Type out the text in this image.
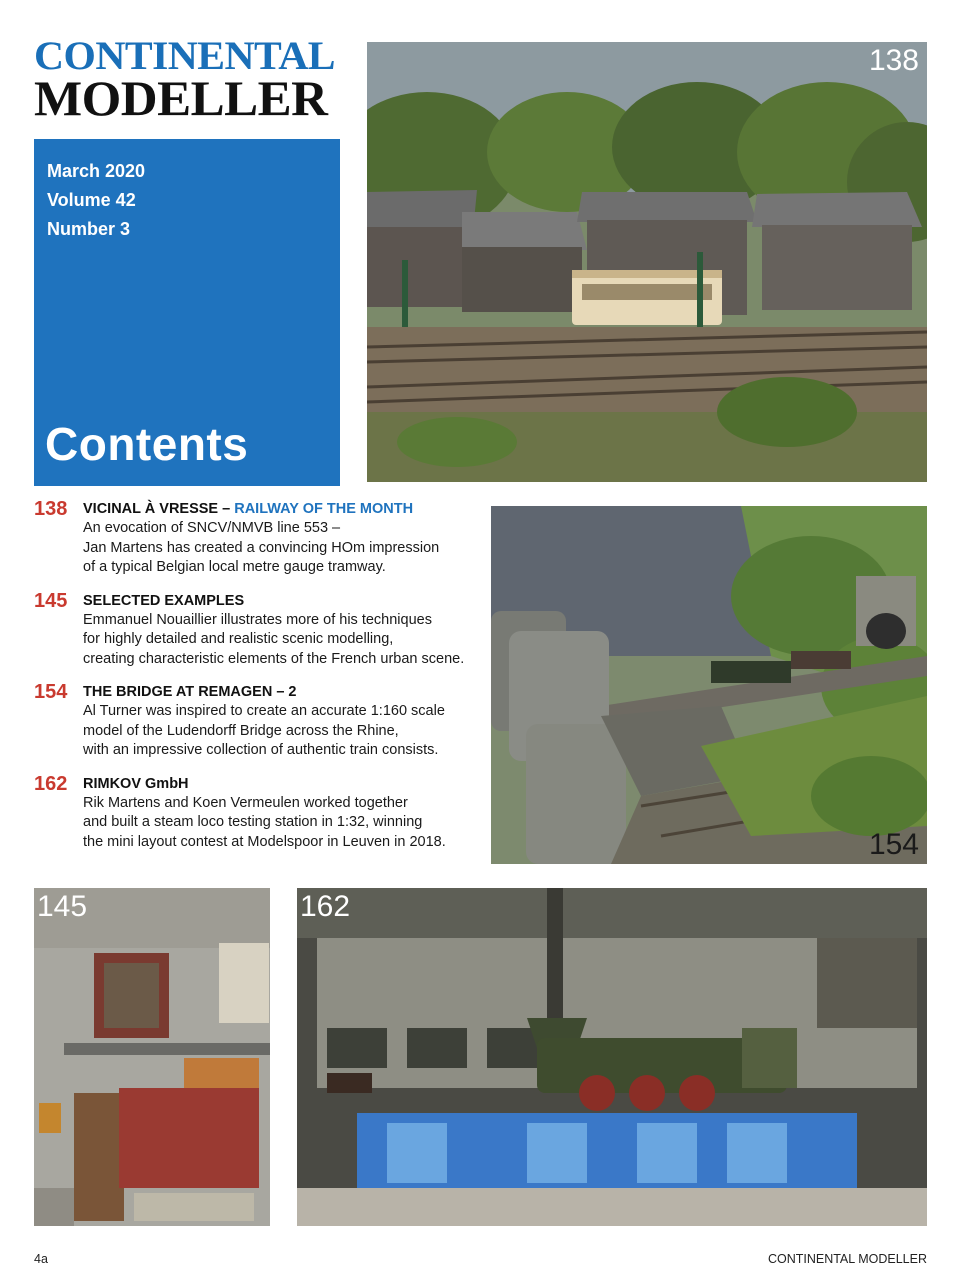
CONTINENTAL
MODELLER
March 2020
Volume 42
Number 3
Contents
138
154
138 VICINAL À VRESSE – RAILWAY OF THE MONTH
An evocation of SNCV/NMVB line 553 –
Jan Martens has created a convincing HOm impression
of a typical Belgian local metre gauge tramway.
145 SELECTED EXAMPLES
Emmanuel Nouaillier illustrates more of his techniques
for highly detailed and realistic scenic modelling,
creating characteristic elements of the French urban scene.
154 THE BRIDGE AT REMAGEN – 2
Al Turner was inspired to create an accurate 1:160 scale
model of the Ludendorff Bridge across the Rhine,
with an impressive collection of authentic train consists.
162 RIMKOV GmbH
Rik Martens and Koen Vermeulen worked together
and built a steam loco testing station in 1:32, winning
the mini layout contest at Modelspoor in Leuven in 2018.
145	162
4a	CONTINENTAL MODELLER
